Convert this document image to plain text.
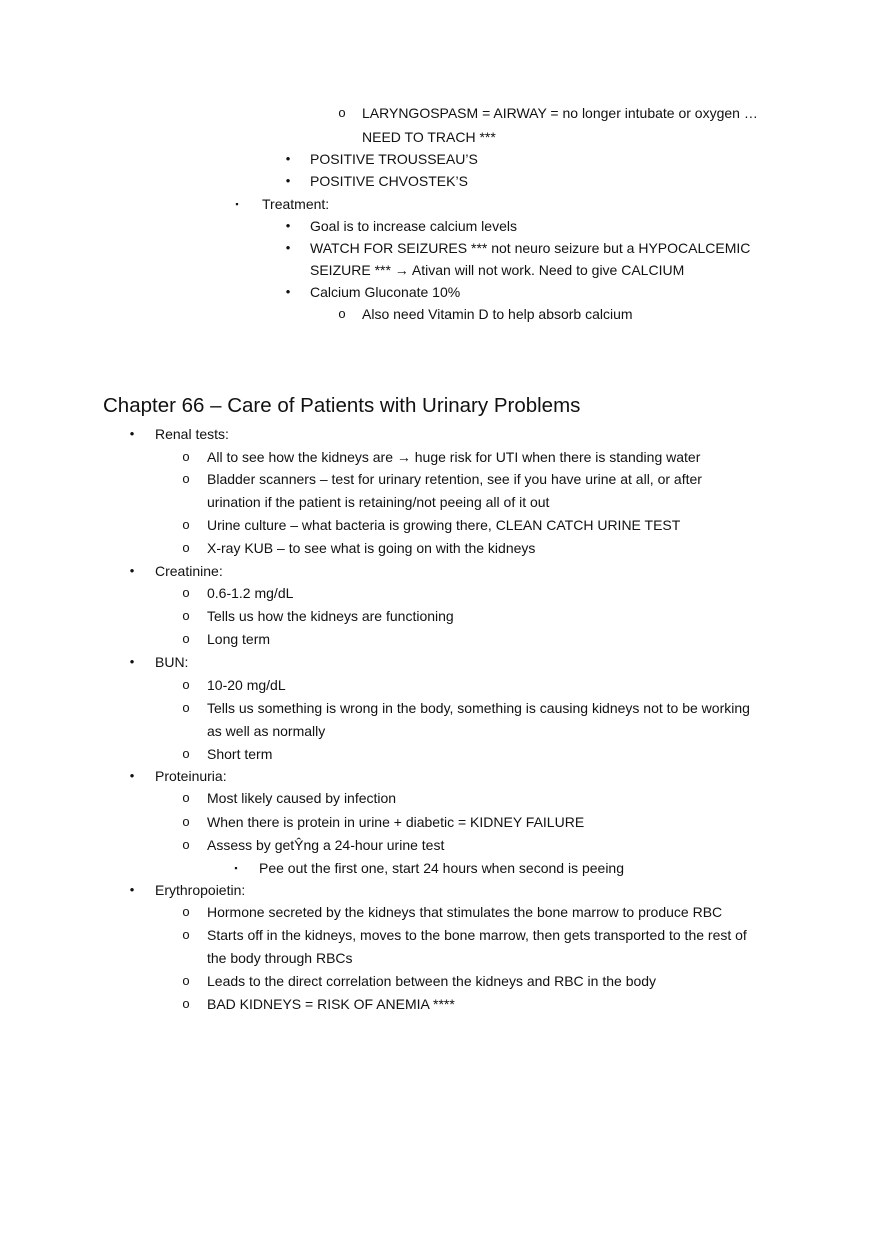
o	LARYNGOSPASM = AIRWAY = no longer intubate or oxygen …
NEED TO TRACH ***
•	POSITIVE TROUSSEAU’S
•	POSITIVE CHVOSTEK’S
▪	Treatment:
•	Goal is to increase calcium levels
•	WATCH FOR SEIZURES *** not neuro seizure but a HYPOCALCEMIC
SEIZURE *** → Ativan will not work. Need to give CALCIUM
•	Calcium Gluconate 10%
o	Also need Vitamin D to help absorb calcium
Chapter 66 – Care of Patients with Urinary Problems
•	Renal tests:
o	All to see how the kidneys are → huge risk for UTI when there is standing water
o	Bladder scanners – test for urinary retention, see if you have urine at all, or after
urination if the patient is retaining/not peeing all of it out
o	Urine culture – what bacteria is growing there, CLEAN CATCH URINE TEST
o	X-ray KUB – to see what is going on with the kidneys
•	Creatinine:
o	0.6-1.2 mg/dL
o	Tells us how the kidneys are functioning
o	Long term
•	BUN:
o	10-20 mg/dL
o	Tells us something is wrong in the body, something is causing kidneys not to be working
as well as normally
o	Short term
•	Proteinuria:
o	Most likely caused by infection
o	When there is protein in urine + diabetic = KIDNEY FAILURE
o	Assess by getŶng a 24-hour urine test
▪	Pee out the first one, start 24 hours when second is peeing
•	Erythropoietin:
o	Hormone secreted by the kidneys that stimulates the bone marrow to produce RBC
o	Starts off in the kidneys, moves to the bone marrow, then gets transported to the rest of
the body through RBCs
o	Leads to the direct correlation between the kidneys and RBC in the body
o	BAD KIDNEYS = RISK OF ANEMIA ****
